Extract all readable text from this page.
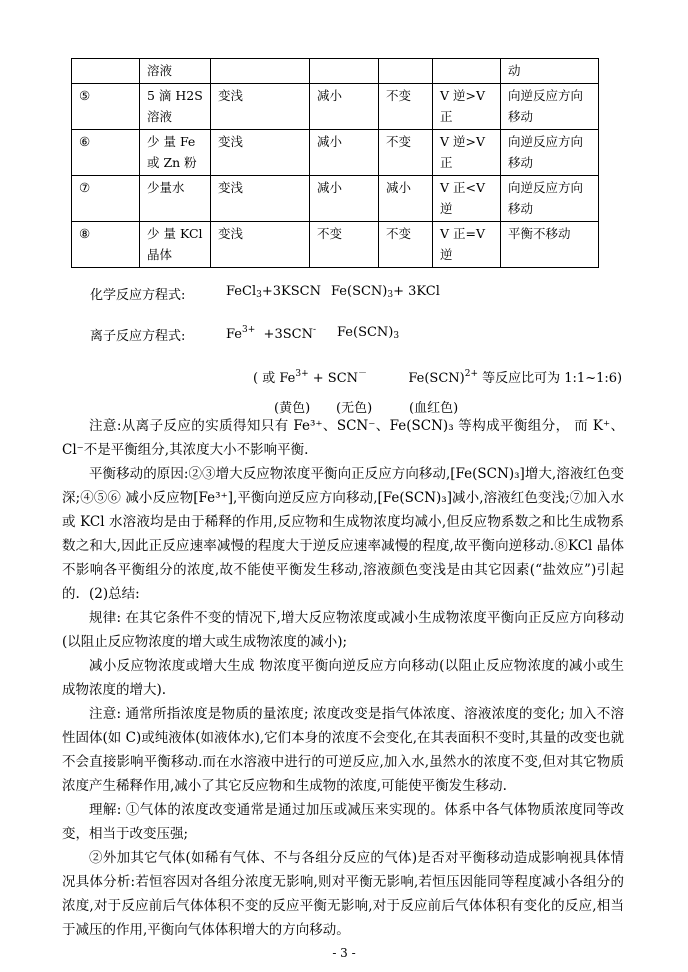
	溶液					动
⑤	5 滴 H2S 溶液	变浅	减小	不变	V 逆>V 正	向逆反应方向移动
⑥	少 量 Fe 或 Zn 粉	变浅	减小	不变	V 逆>V 正	向逆反应方向移动
⑦	少量水	变浅	减小	减小	V 正<V 逆	向逆反应方向移动
⑧	少 量 KCl 晶体	变浅	不变	不变	V 正=V 逆	平衡不移动
化学反应方程式:	FeCl$_3$+3KSCN $Fe(SCN)_3+ 3KCl$
离子反应方程式:	$Fe^{3+} +3SCN^-$ $Fe(SCN)_3$
( 或 $Fe^{3+} + SCN^-$          Fe(SCN)$^{2+}$ 等反应比可为 1:1~1:6)
(黄色) (无色)	(血红色)
注意:从离子反应的实质得知只有 Fe³⁺、SCN⁻、Fe(SCN)₃ 等构成平衡组分， 而 K⁺、Cl⁻不是平衡组分,其浓度大小不影响平衡.
平衡移动的原因:②③增大反应物浓度平衡向正反应方向移动,[Fe(SCN)₃]增大,溶液红色变深;④⑤⑥ 减小反应物[Fe³⁺],平衡向逆反应方向移动,[Fe(SCN)₃]减小,溶液红色变浅;⑦加入水或 KCl 水溶液均是由于稀释的作用,反应物和生成物浓度均减小,但反应物系数之和比生成物系数之和大,因此正反应速率减慢的程度大于逆反应速率减慢的程度,故平衡向逆移动.⑧KCl 晶体不影响各平衡组分的浓度,故不能使平衡发生移动,溶液颜色变浅是由其它因素(“盐效应”)引起的. (2)总结:
规律: 在其它条件不变的情况下,增大反应物浓度或减小生成物浓度平衡向正反应方向移动(以阻止反应物浓度的增大或生成物浓度的减小);
减小反应物浓度或增大生成 物浓度平衡向逆反应方向移动(以阻止反应物浓度的减小或生成物浓度的增大).
注意: 通常所指浓度是物质的量浓度; 浓度改变是指气体浓度、溶液浓度的变化; 加入不溶性固体(如 C)或纯液体(如液体水),它们本身的浓度不会变化,在其表面积不变时,其量的改变也就不会直接影响平衡移动.而在水溶液中进行的可逆反应,加入水,虽然水的浓度不变,但对其它物质浓度产生稀释作用,减小了其它反应物和生成物的浓度,可能使平衡发生移动.
理解: ①气体的浓度改变通常是通过加压或减压来实现的。体系中各气体物质浓度同等改变，相当于改变压强;
②外加其它气体(如稀有气体、不与各组分反应的气体)是否对平衡移动造成影响视具体情况具体分析:若恒容因对各组分浓度无影响,则对平衡无影响,若恒压因能同等程度减小各组分的浓度,对于反应前后气体体积不变的反应平衡无影响,对于反应前后气体体积有变化的反应,相当于减压的作用,平衡向气体体积增大的方向移动。
- 3 -
